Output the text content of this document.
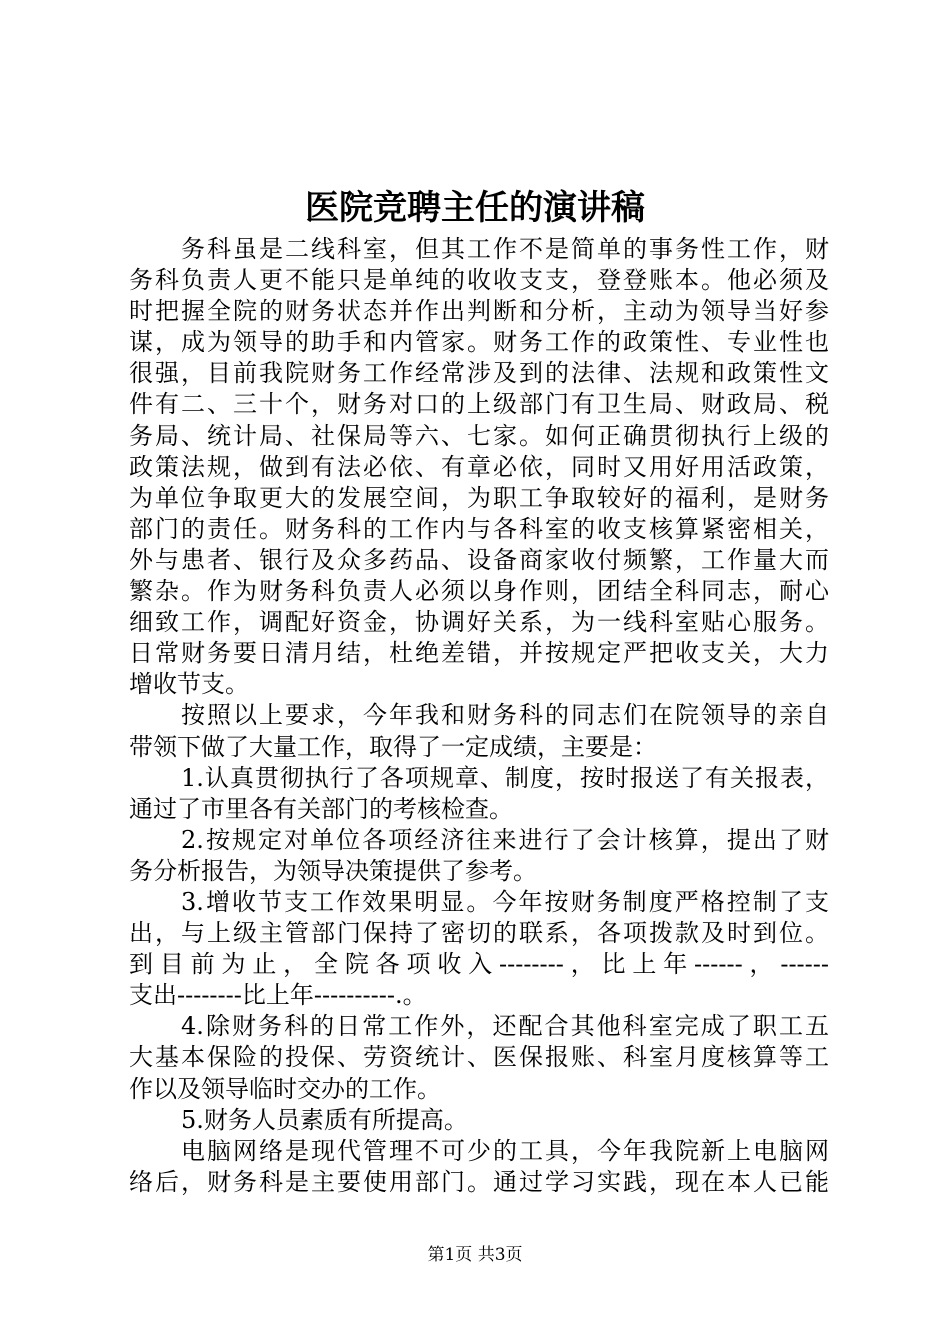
医院竞聘主任的演讲稿
务科虽是二线科室，但其工作不是简单的事务性工作，财
务科负责人更不能只是单纯的收收支支，登登账本。他必须及
时把握全院的财务状态并作出判断和分析，主动为领导当好参
谋，成为领导的助手和内管家。财务工作的政策性、专业性也
很强，目前我院财务工作经常涉及到的法律、法规和政策性文
件有二、三十个，财务对口的上级部门有卫生局、财政局、税
务局、统计局、社保局等六、七家。如何正确贯彻执行上级的
政策法规，做到有法必依、有章必依，同时又用好用活政策，
为单位争取更大的发展空间，为职工争取较好的福利，是财务
部门的责任。财务科的工作内与各科室的收支核算紧密相关，
外与患者、银行及众多药品、设备商家收付频繁，工作量大而
繁杂。作为财务科负责人必须以身作则，团结全科同志，耐心
细致工作，调配好资金，协调好关系，为一线科室贴心服务。
日常财务要日清月结，杜绝差错，并按规定严把收支关，大力
增收节支。
按照以上要求，今年我和财务科的同志们在院领导的亲自
带领下做了大量工作，取得了一定成绩，主要是：
1.认真贯彻执行了各项规章、制度，按时报送了有关报表，
通过了市里各有关部门的考核检查。
2.按规定对单位各项经济往来进行了会计核算，提出了财
务分析报告，为领导决策提供了参考。
3.增收节支工作效果明显。今年按财务制度严格控制了支
出，与上级主管部门保持了密切的联系，各项拨款及时到位。
到目前为止，全院各项收入--------，比上年------，------
支出--------比上年----------.。
4.除财务科的日常工作外，还配合其他科室完成了职工五
大基本保险的投保、劳资统计、医保报账、科室月度核算等工
作以及领导临时交办的工作。
5.财务人员素质有所提高。
电脑网络是现代管理不可少的工具，今年我院新上电脑网
络后，财务科是主要使用部门。通过学习实践，现在本人已能
第1页 共3页
